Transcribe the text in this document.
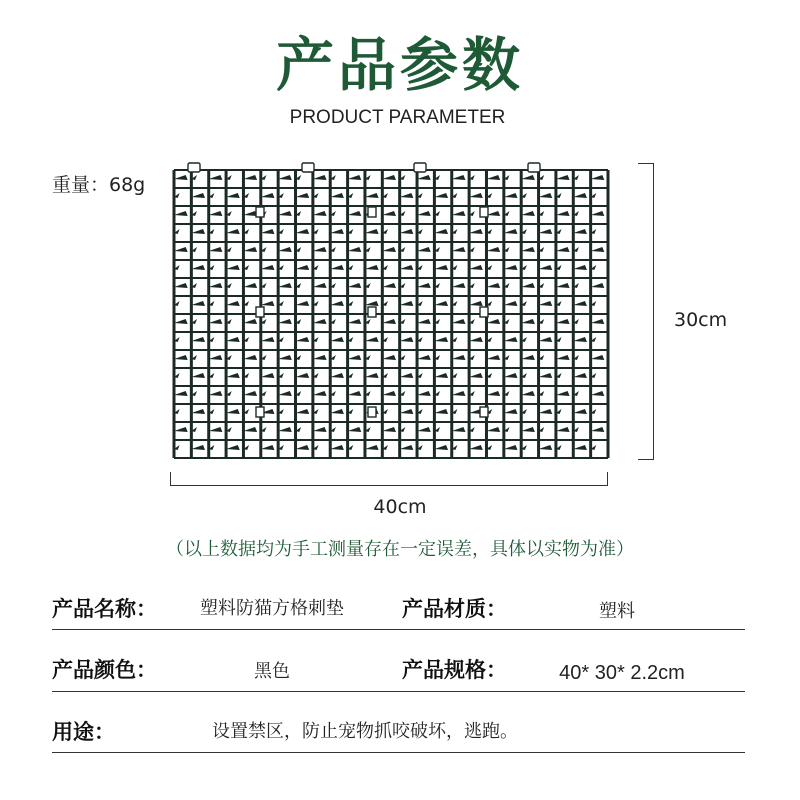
产品参数
PRODUCT PARAMETER
重量：68g
30cm
40cm
（以上数据均为手工测量存在一定误差，具体以实物为准）
产品名称：	塑料防猫方格刺垫	产品材质：	塑料
产品颜色：	黑色	产品规格：	40* 30* 2.2cm
用途：	设置禁区，防止宠物抓咬破坏，逃跑。
